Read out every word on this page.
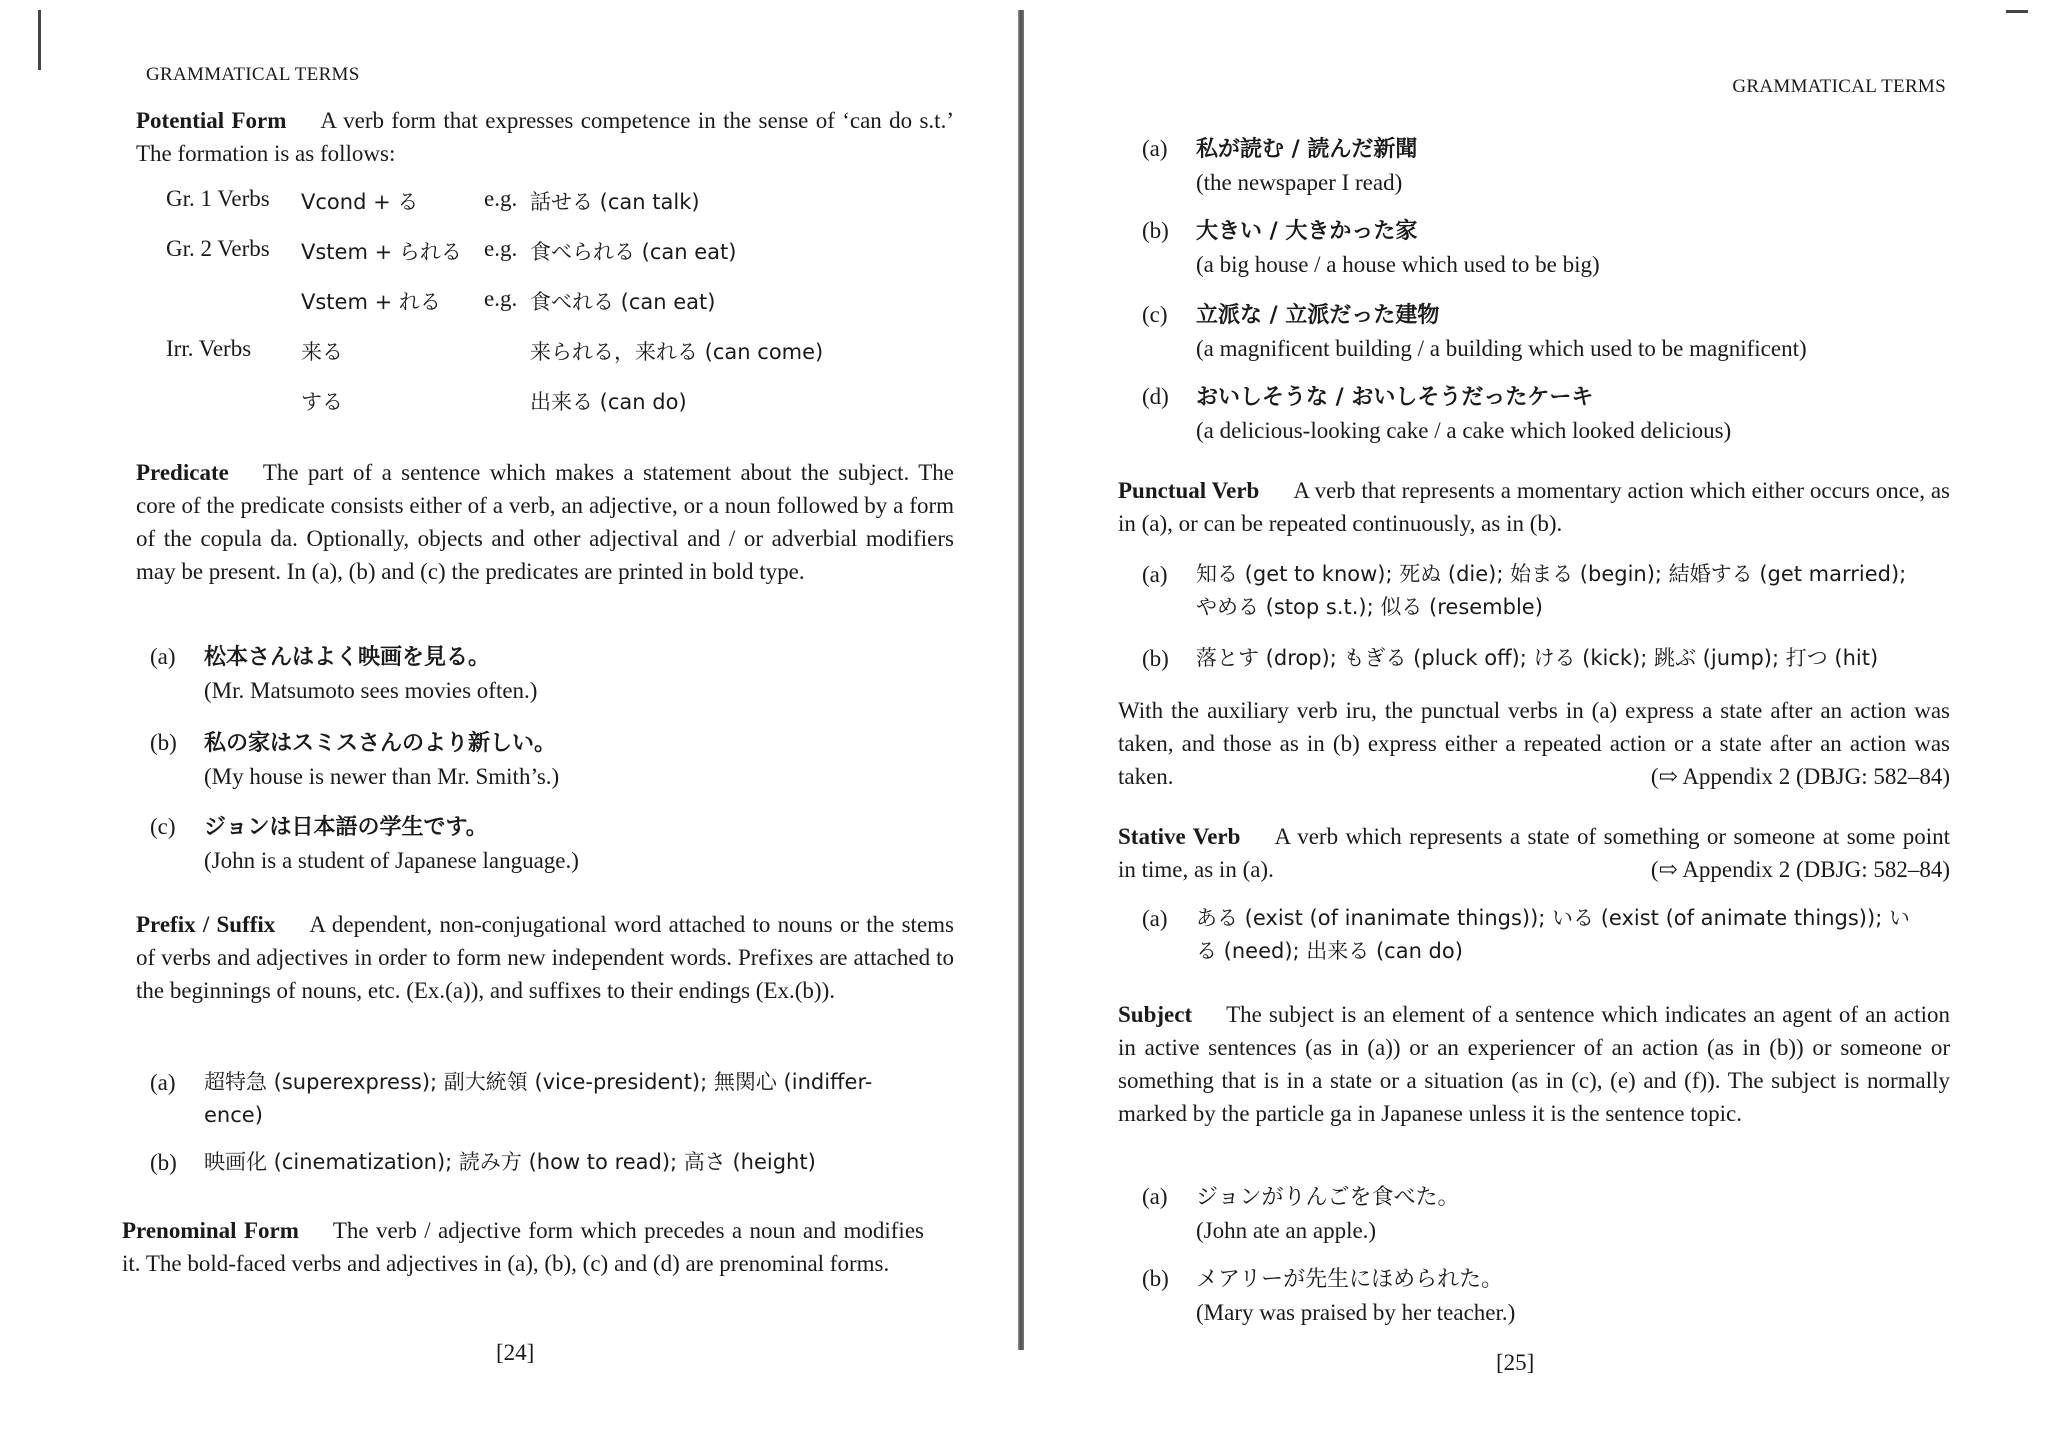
GRAMMATICAL TERMS
Potential Form A verb form that expresses competence in the sense of ‘can do s.t.’ The formation is as follows:
Gr. 1 Verbs Vcond + る	e.g. 話せる (can talk)
Gr. 2 Verbs Vstem + られる e.g. 食べられる (can eat)
Vstem + れる e.g. 食べれる (can eat)
Irr. Verbs 来る	来られる，来れる (can come)
する	出来る (can do)
Predicate The part of a sentence which makes a statement about the subject. The core of the predicate consists either of a verb, an adjective, or a noun followed by a form of the copula da. Optionally, objects and other adjectival and / or adverbial modifiers may be present. In (a), (b) and (c) the predicates are printed in bold type.
(a) 松本さんはよく映画を見る。
(Mr. Matsumoto sees movies often.)
(b) 私の家はスミスさんのより新しい。
(My house is newer than Mr. Smith’s.)
(c) ジョンは日本語の学生です。
(John is a student of Japanese language.)
Prefix / Suffix A dependent, non-conjugational word attached to nouns or the stems of verbs and adjectives in order to form new independent words. Prefixes are attached to the beginnings of nouns, etc. (Ex.(a)), and suffixes to their endings (Ex.(b)).
(a) 超特急 (superexpress); 副大統領 (vice-president); 無関心 (indiffer-
ence)
(b) 映画化 (cinematization); 読み方 (how to read); 高さ (height)
Prenominal Form The verb / adjective form which precedes a noun and modifies it. The bold-faced verbs and adjectives in (a), (b), (c) and (d) are prenominal forms.
[24]
GRAMMATICAL TERMS
(a) 私が読む / 読んだ新聞
(the newspaper I read)
(b) 大きい / 大きかった家
(a big house / a house which used to be big)
(c) 立派な / 立派だった建物
(a magnificent building / a building which used to be magnificent)
(d) おいしそうな / おいしそうだったケーキ
(a delicious-looking cake / a cake which looked delicious)
Punctual Verb A verb that represents a momentary action which either occurs once, as in (a), or can be repeated continuously, as in (b).
(a) 知る (get to know); 死ぬ (die); 始まる (begin); 結婚する (get married);
やめる (stop s.t.); 似る (resemble)
(b) 落とす (drop); もぎる (pluck off); ける (kick); 跳ぶ (jump); 打つ (hit)
With the auxiliary verb iru, the punctual verbs in (a) express a state after an action was taken, and those as in (b) express either a repeated action or a state after an action was taken.	(⇨ Appendix 2 (DBJG: 582–84)
Stative Verb A verb which represents a state of something or someone at some point in time, as in (a).	(⇨ Appendix 2 (DBJG: 582–84)
(a) ある (exist (of inanimate things)); いる (exist (of animate things)); い
る (need); 出来る (can do)
Subject The subject is an element of a sentence which indicates an agent of an action in active sentences (as in (a)) or an experiencer of an action (as in (b)) or someone or something that is in a state or a situation (as in (c), (e) and (f)). The subject is normally marked by the particle ga in Japanese unless it is the sentence topic.
(a) ジョンがりんごを食べた。
(John ate an apple.)
(b) メアリーが先生にほめられた。
(Mary was praised by her teacher.)
[25]
